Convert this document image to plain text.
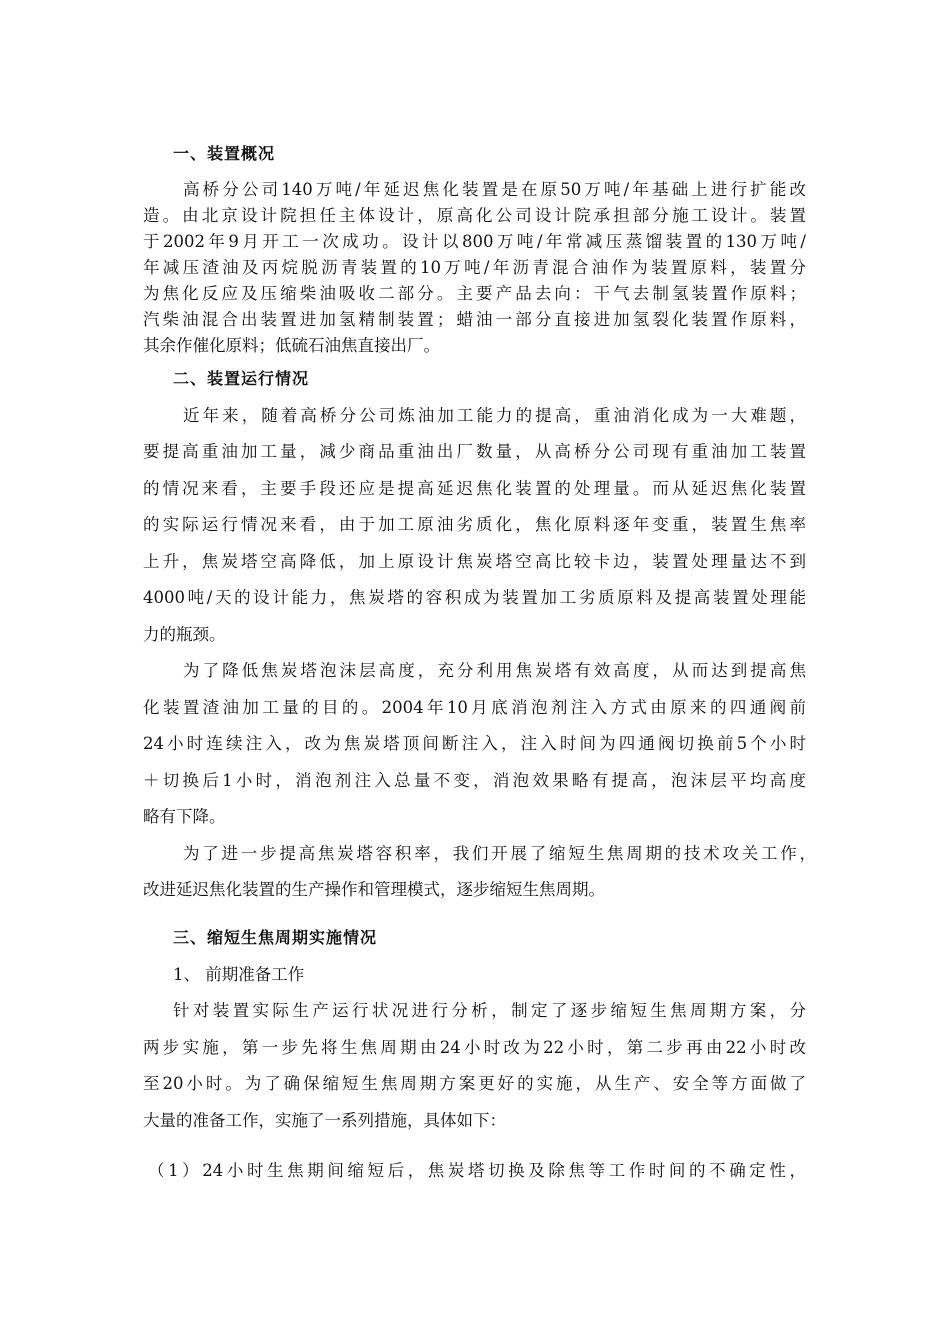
一、装置概况
高桥分公司140万吨/年延迟焦化装置是在原50万吨/年基础上进行扩能改
造。由北京设计院担任主体设计，原高化公司设计院承担部分施工设计。装置
于2002年9月开工一次成功。设计以800万吨/年常减压蒸馏装置的130万吨/
年减压渣油及丙烷脱沥青装置的10万吨/年沥青混合油作为装置原料，装置分
为焦化反应及压缩柴油吸收二部分。主要产品去向：干气去制氢装置作原料；
汽柴油混合出装置进加氢精制装置；蜡油一部分直接进加氢裂化装置作原料，
其余作催化原料；低硫石油焦直接出厂。
二、装置运行情况
近年来，随着高桥分公司炼油加工能力的提高，重油消化成为一大难题，
要提高重油加工量，减少商品重油出厂数量，从高桥分公司现有重油加工装置
的情况来看，主要手段还应是提高延迟焦化装置的处理量。而从延迟焦化装置
的实际运行情况来看，由于加工原油劣质化，焦化原料逐年变重，装置生焦率
上升，焦炭塔空高降低，加上原设计焦炭塔空高比较卡边，装置处理量达不到
4000吨/天的设计能力，焦炭塔的容积成为装置加工劣质原料及提高装置处理能
力的瓶颈。
为了降低焦炭塔泡沫层高度，充分利用焦炭塔有效高度，从而达到提高焦
化装置渣油加工量的目的。2004年10月底消泡剂注入方式由原来的四通阀前
24小时连续注入，改为焦炭塔顶间断注入，注入时间为四通阀切换前5个小时
＋切换后1小时，消泡剂注入总量不变，消泡效果略有提高，泡沫层平均高度
略有下降。
为了进一步提高焦炭塔容积率，我们开展了缩短生焦周期的技术攻关工作，
改进延迟焦化装置的生产操作和管理模式，逐步缩短生焦周期。
三、缩短生焦周期实施情况
1、 前期准备工作
针对装置实际生产运行状况进行分析，制定了逐步缩短生焦周期方案，分
两步实施，第一步先将生焦周期由24小时改为22小时，第二步再由22小时改
至20小时。为了确保缩短生焦周期方案更好的实施，从生产、安全等方面做了
大量的准备工作，实施了一系列措施，具体如下：
（1）24小时生焦期间缩短后，焦炭塔切换及除焦等工作时间的不确定性，
